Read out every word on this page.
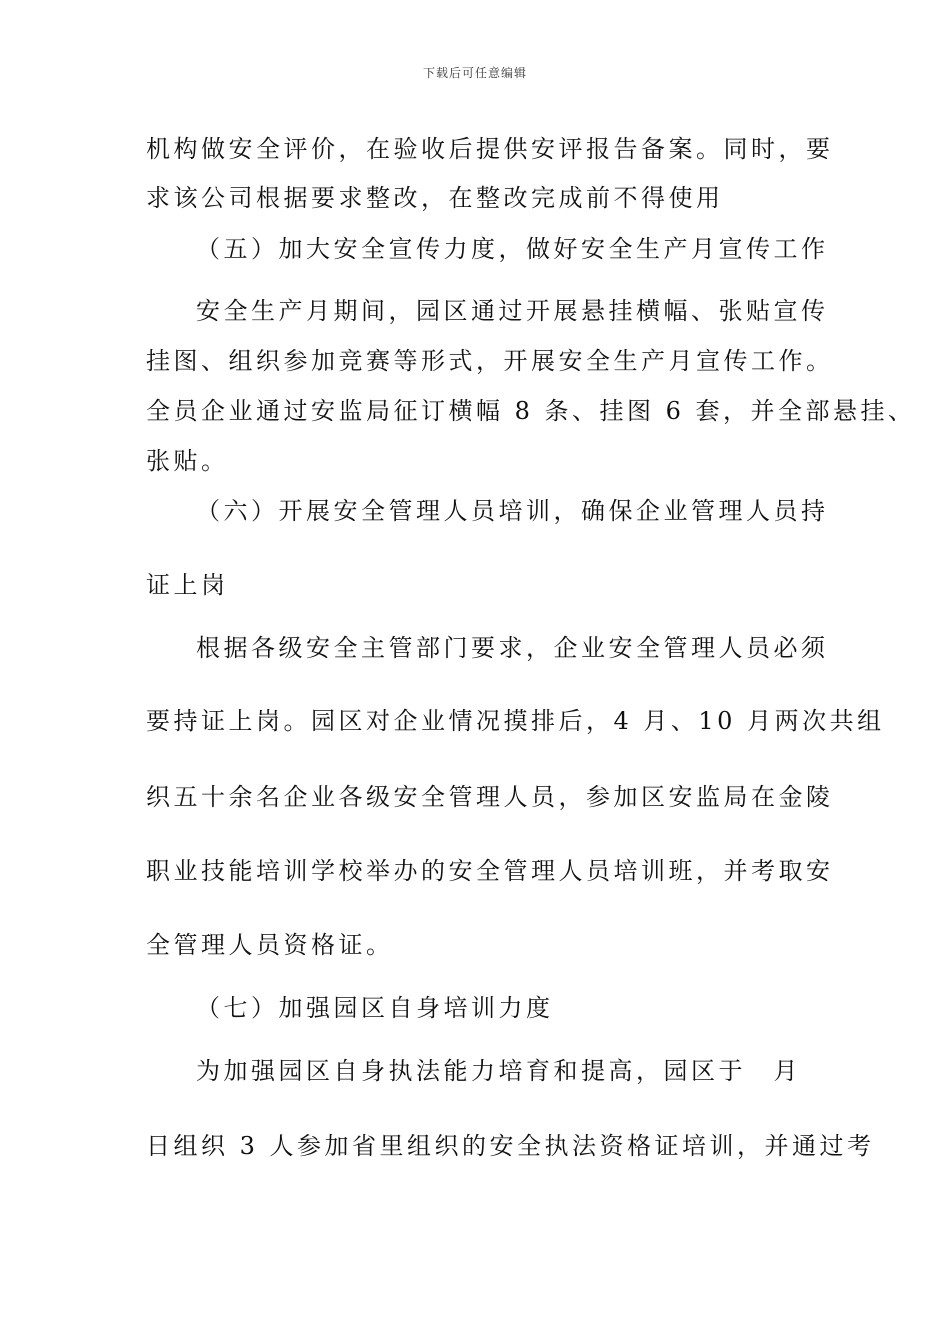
下载后可任意编辑

机构做安全评价，在验收后提供安评报告备案。同时，要

求该公司根据要求整改，在整改完成前不得使用

（五）加大安全宣传力度，做好安全生产月宣传工作

安全生产月期间，园区通过开展悬挂横幅、张贴宣传

挂图、组织参加竞赛等形式，开展安全生产月宣传工作。

全员企业通过安监局征订横幅 8 条、挂图 6 套，并全部悬挂、

张贴。

（六）开展安全管理人员培训，确保企业管理人员持

证上岗

根据各级安全主管部门要求，企业安全管理人员必须

要持证上岗。园区对企业情况摸排后，4 月、10 月两次共组

织五十余名企业各级安全管理人员，参加区安监局在金陵

职业技能培训学校举办的安全管理人员培训班，并考取安

全管理人员资格证。

（七）加强园区自身培训力度

为加强园区自身执法能力培育和提高，园区于　月

日组织 3 人参加省里组织的安全执法资格证培训，并通过考
